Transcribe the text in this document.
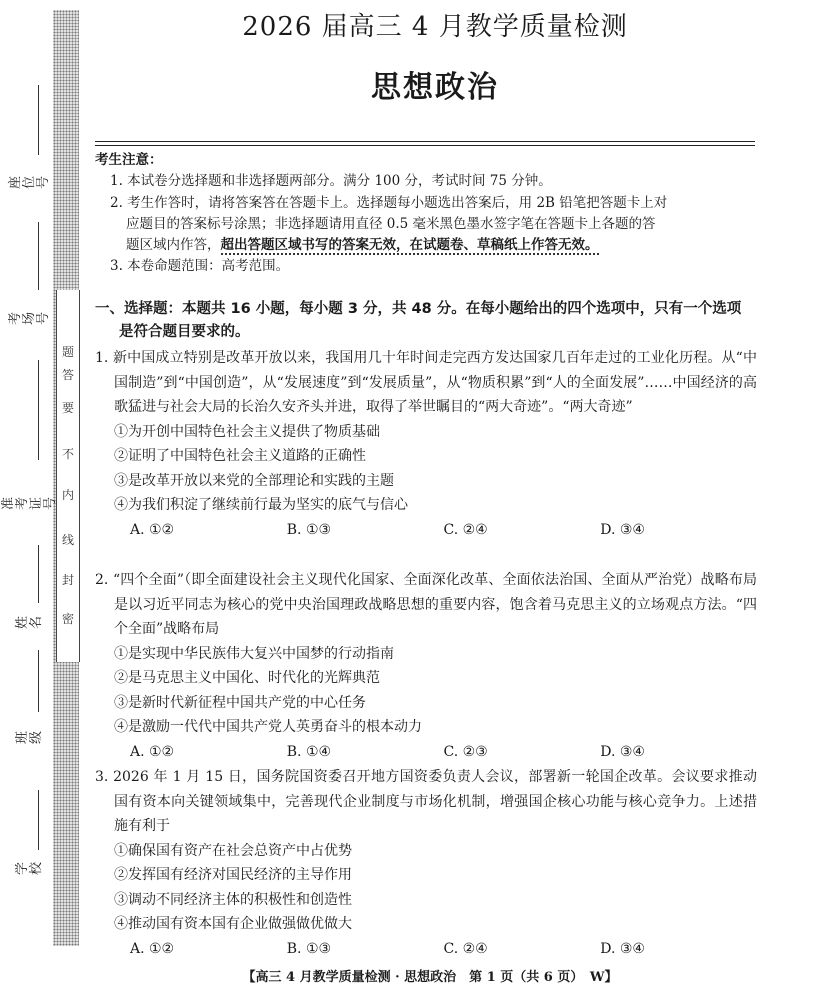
题
答
要
不
内
线
封
密
座位号
考场号
准考证号
姓名
班级
学校
2026 届高三 4 月教学质量检测
思想政治
考生注意：
1. 本试卷分选择题和非选择题两部分。满分 100 分，考试时间 75 分钟。
2. 考生作答时，请将答案答在答题卡上。选择题每小题选出答案后，用 2B 铅笔把答题卡上对
应题目的答案标号涂黑；非选择题请用直径 0.5 毫米黑色墨水签字笔在答题卡上各题的答
题区域内作答，超出答题区域书写的答案无效，在试题卷、草稿纸上作答无效。
3. 本卷命题范围：高考范围。
一、选择题：本题共 16 小题，每小题 3 分，共 48 分。在每小题给出的四个选项中，只有一个选项
是符合题目要求的。
1. 新中国成立特别是改革开放以来，我国用几十年时间走完西方发达国家几百年走过的工业化历程。从“中国制造”到“中国创造”，从“发展速度”到“发展质量”，从“物质积累”到“人的全面发展”……中国经济的高歌猛进与社会大局的长治久安齐头并进，取得了举世瞩目的“两大奇迹”。“两大奇迹”
①为开创中国特色社会主义提供了物质基础
②证明了中国特色社会主义道路的正确性
③是改革开放以来党的全部理论和实践的主题
④为我们积淀了继续前行最为坚实的底气与信心
A. ①②	B. ①③	C. ②④	D. ③④
2. “四个全面”（即全面建设社会主义现代化国家、全面深化改革、全面依法治国、全面从严治党）战略布局是以习近平同志为核心的党中央治国理政战略思想的重要内容，饱含着马克思主义的立场观点方法。“四个全面”战略布局
①是实现中华民族伟大复兴中国梦的行动指南
②是马克思主义中国化、时代化的光辉典范
③是新时代新征程中国共产党的中心任务
④是激励一代代中国共产党人英勇奋斗的根本动力
A. ①②	B. ①④	C. ②③	D. ③④
3. 2026 年 1 月 15 日，国务院国资委召开地方国资委负责人会议，部署新一轮国企改革。会议要求推动国有资本向关键领域集中，完善现代企业制度与市场化机制，增强国企核心功能与核心竞争力。上述措施有利于
①确保国有资产在社会总资产中占优势
②发挥国有经济对国民经济的主导作用
③调动不同经济主体的积极性和创造性
④推动国有资本国有企业做强做优做大
A. ①②	B. ①③	C. ②④	D. ③④
【高三 4 月教学质量检测 · 思想政治　第 1 页（共 6 页）　W】
